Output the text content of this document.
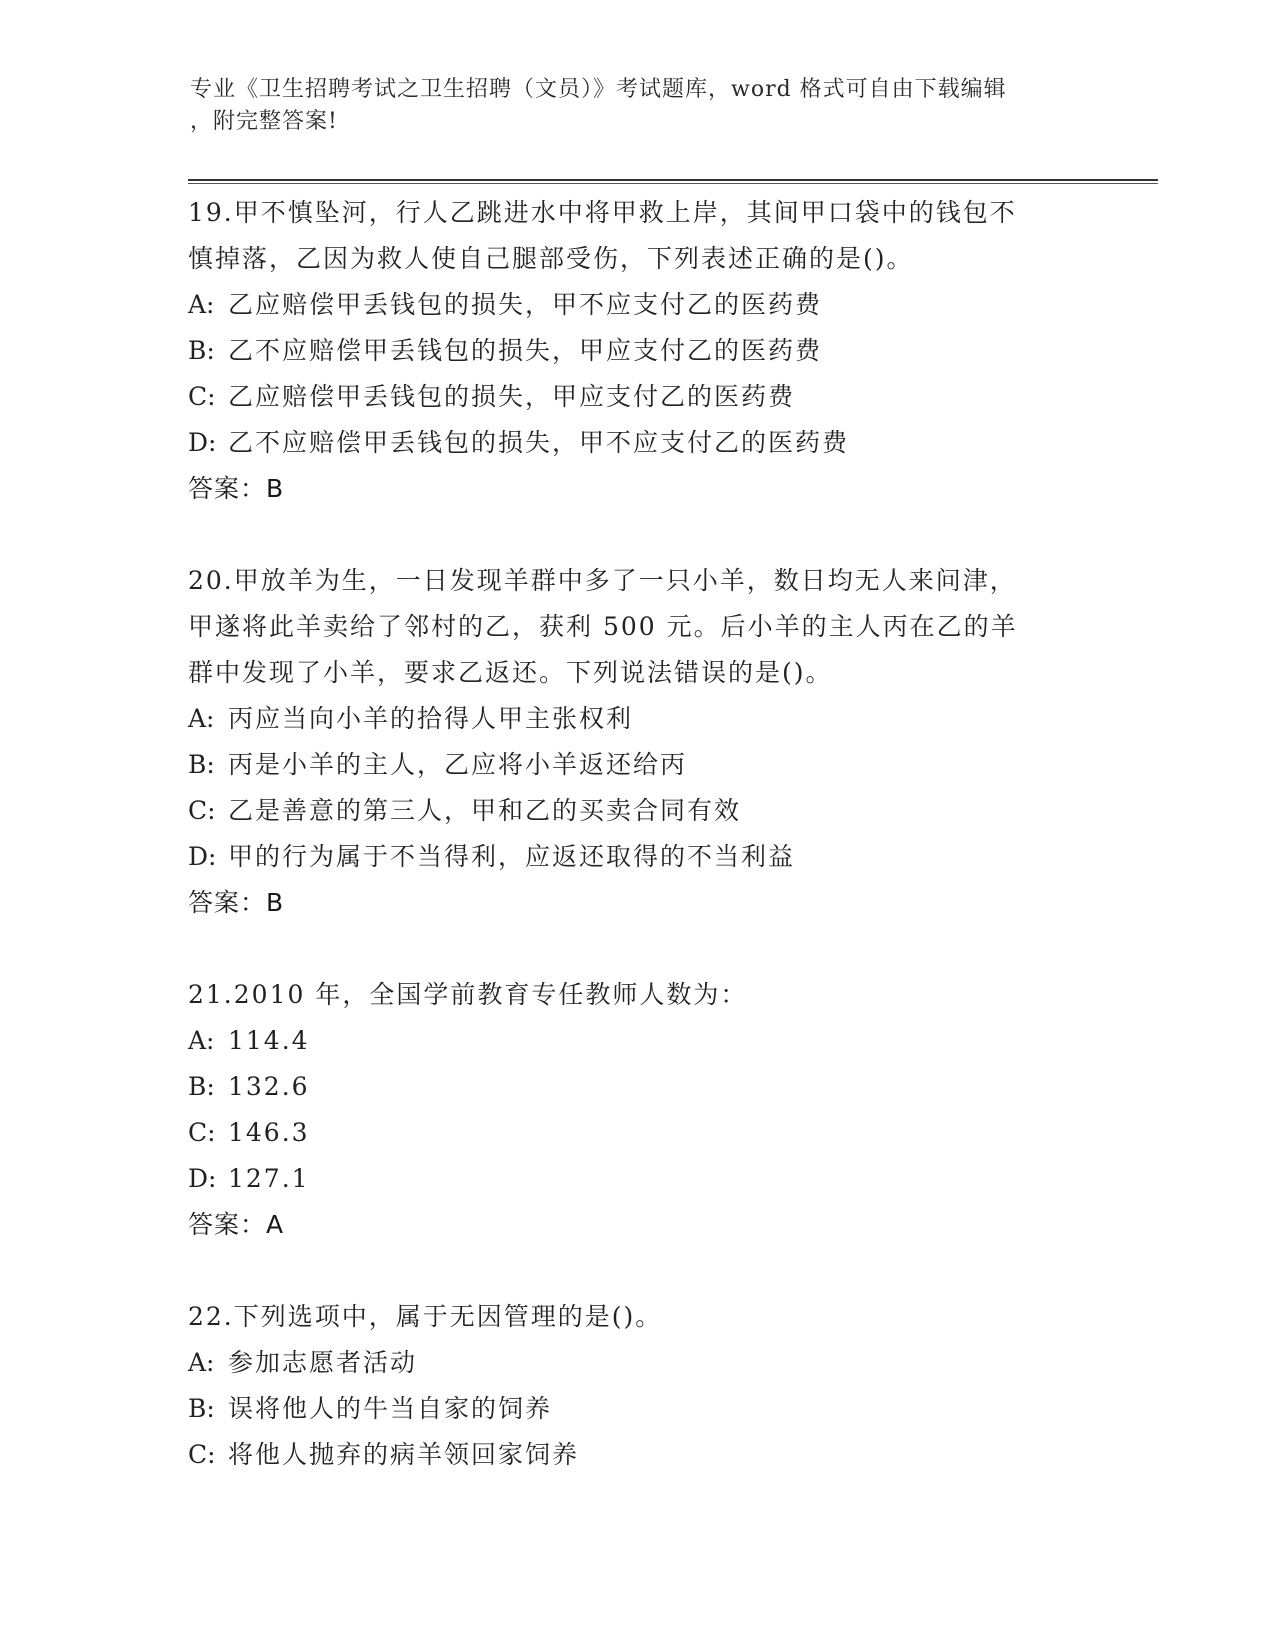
专业《卫生招聘考试之卫生招聘（文员）》考试题库，word 格式可自由下载编辑
，附完整答案!
19.甲不慎坠河，行人乙跳进水中将甲救上岸，其间甲口袋中的钱包不
慎掉落，乙因为救人使自己腿部受伤，下列表述正确的是()。
A: 乙应赔偿甲丢钱包的损失，甲不应支付乙的医药费
B: 乙不应赔偿甲丢钱包的损失，甲应支付乙的医药费
C: 乙应赔偿甲丢钱包的损失，甲应支付乙的医药费
D: 乙不应赔偿甲丢钱包的损失，甲不应支付乙的医药费
答案：B
20.甲放羊为生，一日发现羊群中多了一只小羊，数日均无人来问津，
甲遂将此羊卖给了邻村的乙，获利 500 元。后小羊的主人丙在乙的羊
群中发现了小羊，要求乙返还。下列说法错误的是()。
A: 丙应当向小羊的拾得人甲主张权利
B: 丙是小羊的主人，乙应将小羊返还给丙
C: 乙是善意的第三人，甲和乙的买卖合同有效
D: 甲的行为属于不当得利，应返还取得的不当利益
答案：B
21.2010 年，全国学前教育专任教师人数为：
A: 114.4
B: 132.6
C: 146.3
D: 127.1
答案：A
22.下列选项中，属于无因管理的是()。
A: 参加志愿者活动
B: 误将他人的牛当自家的饲养
C: 将他人抛弃的病羊领回家饲养
